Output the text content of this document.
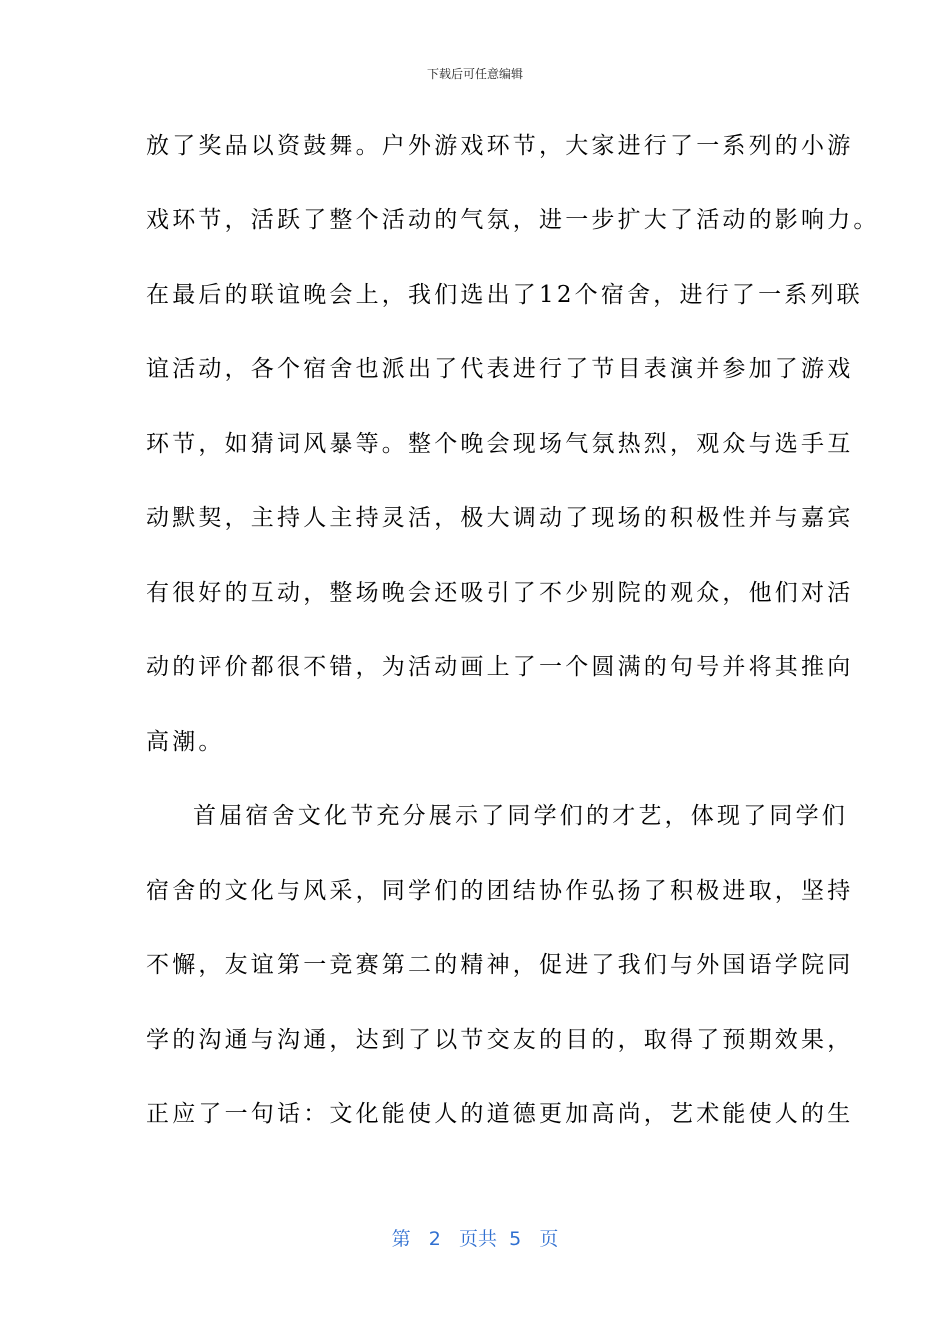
下载后可任意编辑
放了奖品以资鼓舞。户外游戏环节，大家进行了一系列的小游
戏环节，活跃了整个活动的气氛，进一步扩大了活动的影响力。
在最后的联谊晚会上，我们选出了12个宿舍，进行了一系列联
谊活动，各个宿舍也派出了代表进行了节目表演并参加了游戏
环节，如猜词风暴等。整个晚会现场气氛热烈，观众与选手互
动默契，主持人主持灵活，极大调动了现场的积极性并与嘉宾
有很好的互动，整场晚会还吸引了不少别院的观众，他们对活
动的评价都很不错，为活动画上了一个圆满的句号并将其推向
高潮。
首届宿舍文化节充分展示了同学们的才艺，体现了同学们
宿舍的文化与风采，同学们的团结协作弘扬了积极进取，坚持
不懈，友谊第一竞赛第二的精神，促进了我们与外国语学院同
学的沟通与沟通，达到了以节交友的目的，取得了预期效果，
正应了一句话：文化能使人的道德更加高尚，艺术能使人的生
第 2 页共 5 页
